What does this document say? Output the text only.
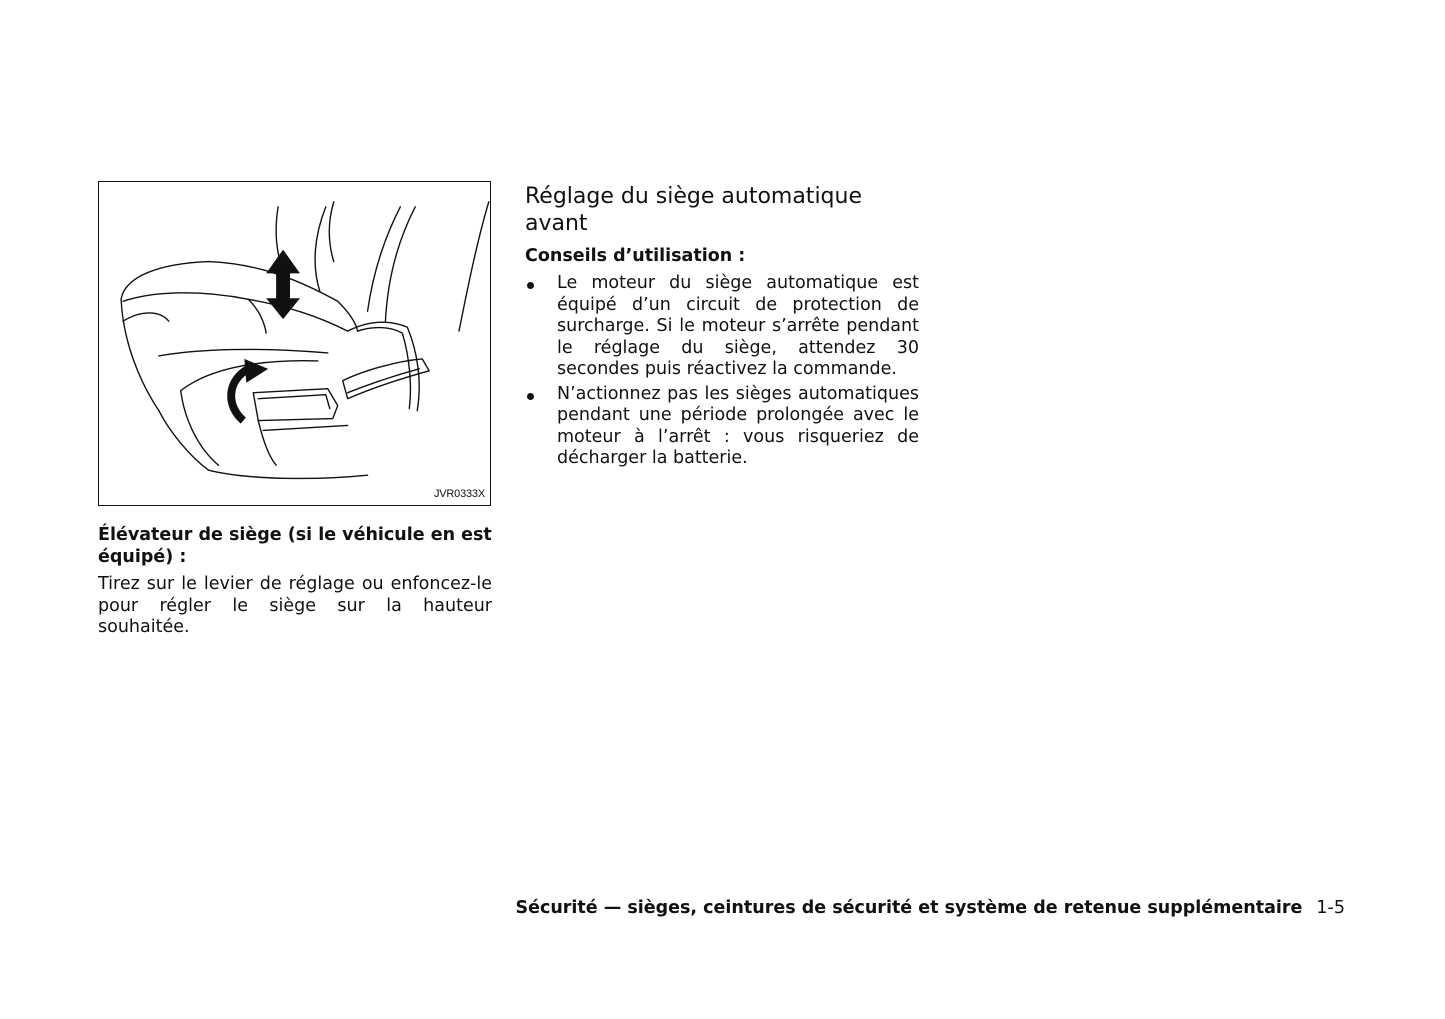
JVR0333X

Élévateur de siège (si le véhicule en est équipé) :

Tirez sur le levier de réglage ou enfoncez-le pour régler le siège sur la hauteur souhaitée.

Réglage du siège automatique avant

Conseils d’utilisation :

Le moteur du siège automatique est équipé d’un circuit de protection de surcharge. Si le moteur s’arrête pendant le réglage du siège, attendez 30 secondes puis réactivez la commande.
N’actionnez pas les sièges automatiques pendant une période prolongée avec le moteur à l’arrêt : vous risqueriez de décharger la batterie.
Sécurité — sièges, ceintures de sécurité et système de retenue supplémentaire 1-5
